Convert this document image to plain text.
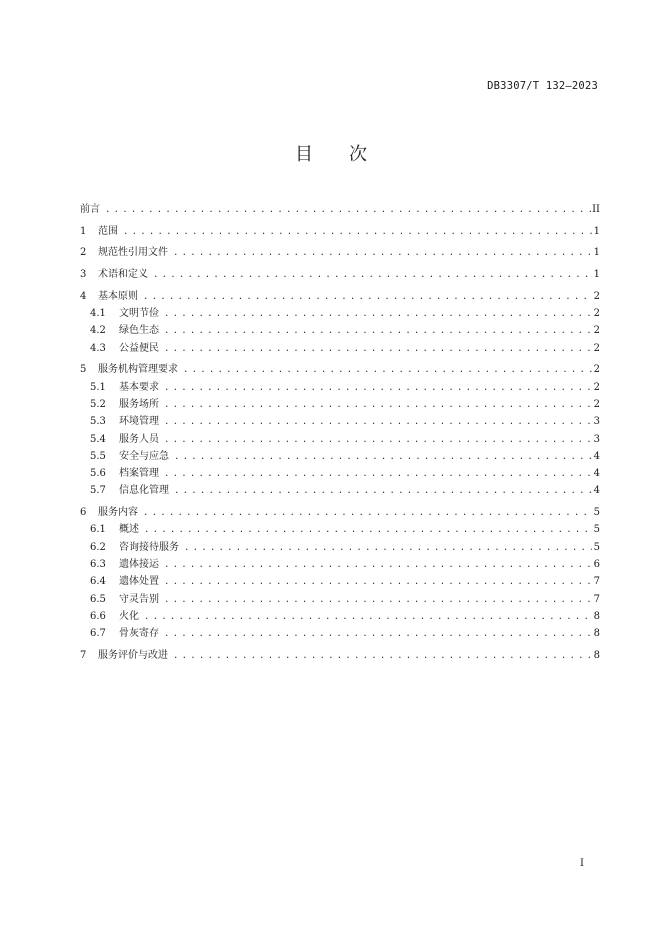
DB3307/T 132—2023
目次
前言 .....	II
1	范围 .....	1
2	规范性引用文件 .....	1
3	术语和定义 .....	1
4	基本原则 .....	2
4.1	文明节俭 .....	2
4.2	绿色生态 .....	2
4.3	公益便民 .....	2
5	服务机构管理要求 .....	2
5.1	基本要求 .....	2
5.2	服务场所 .....	2
5.3	环境管理 .....	3
5.4	服务人员 .....	3
5.5	安全与应急 .....	4
5.6	档案管理 .....	4
5.7	信息化管理 .....	4
6	服务内容 .....	5
6.1	概述 .....	5
6.2	咨询接待服务 .....	5
6.3	遗体接运 .....	6
6.4	遗体处置 .....	7
6.5	守灵告别 .....	7
6.6	火化 .....	8
6.7	骨灰寄存 .....	8
7	服务评价与改进 .....	8
I
